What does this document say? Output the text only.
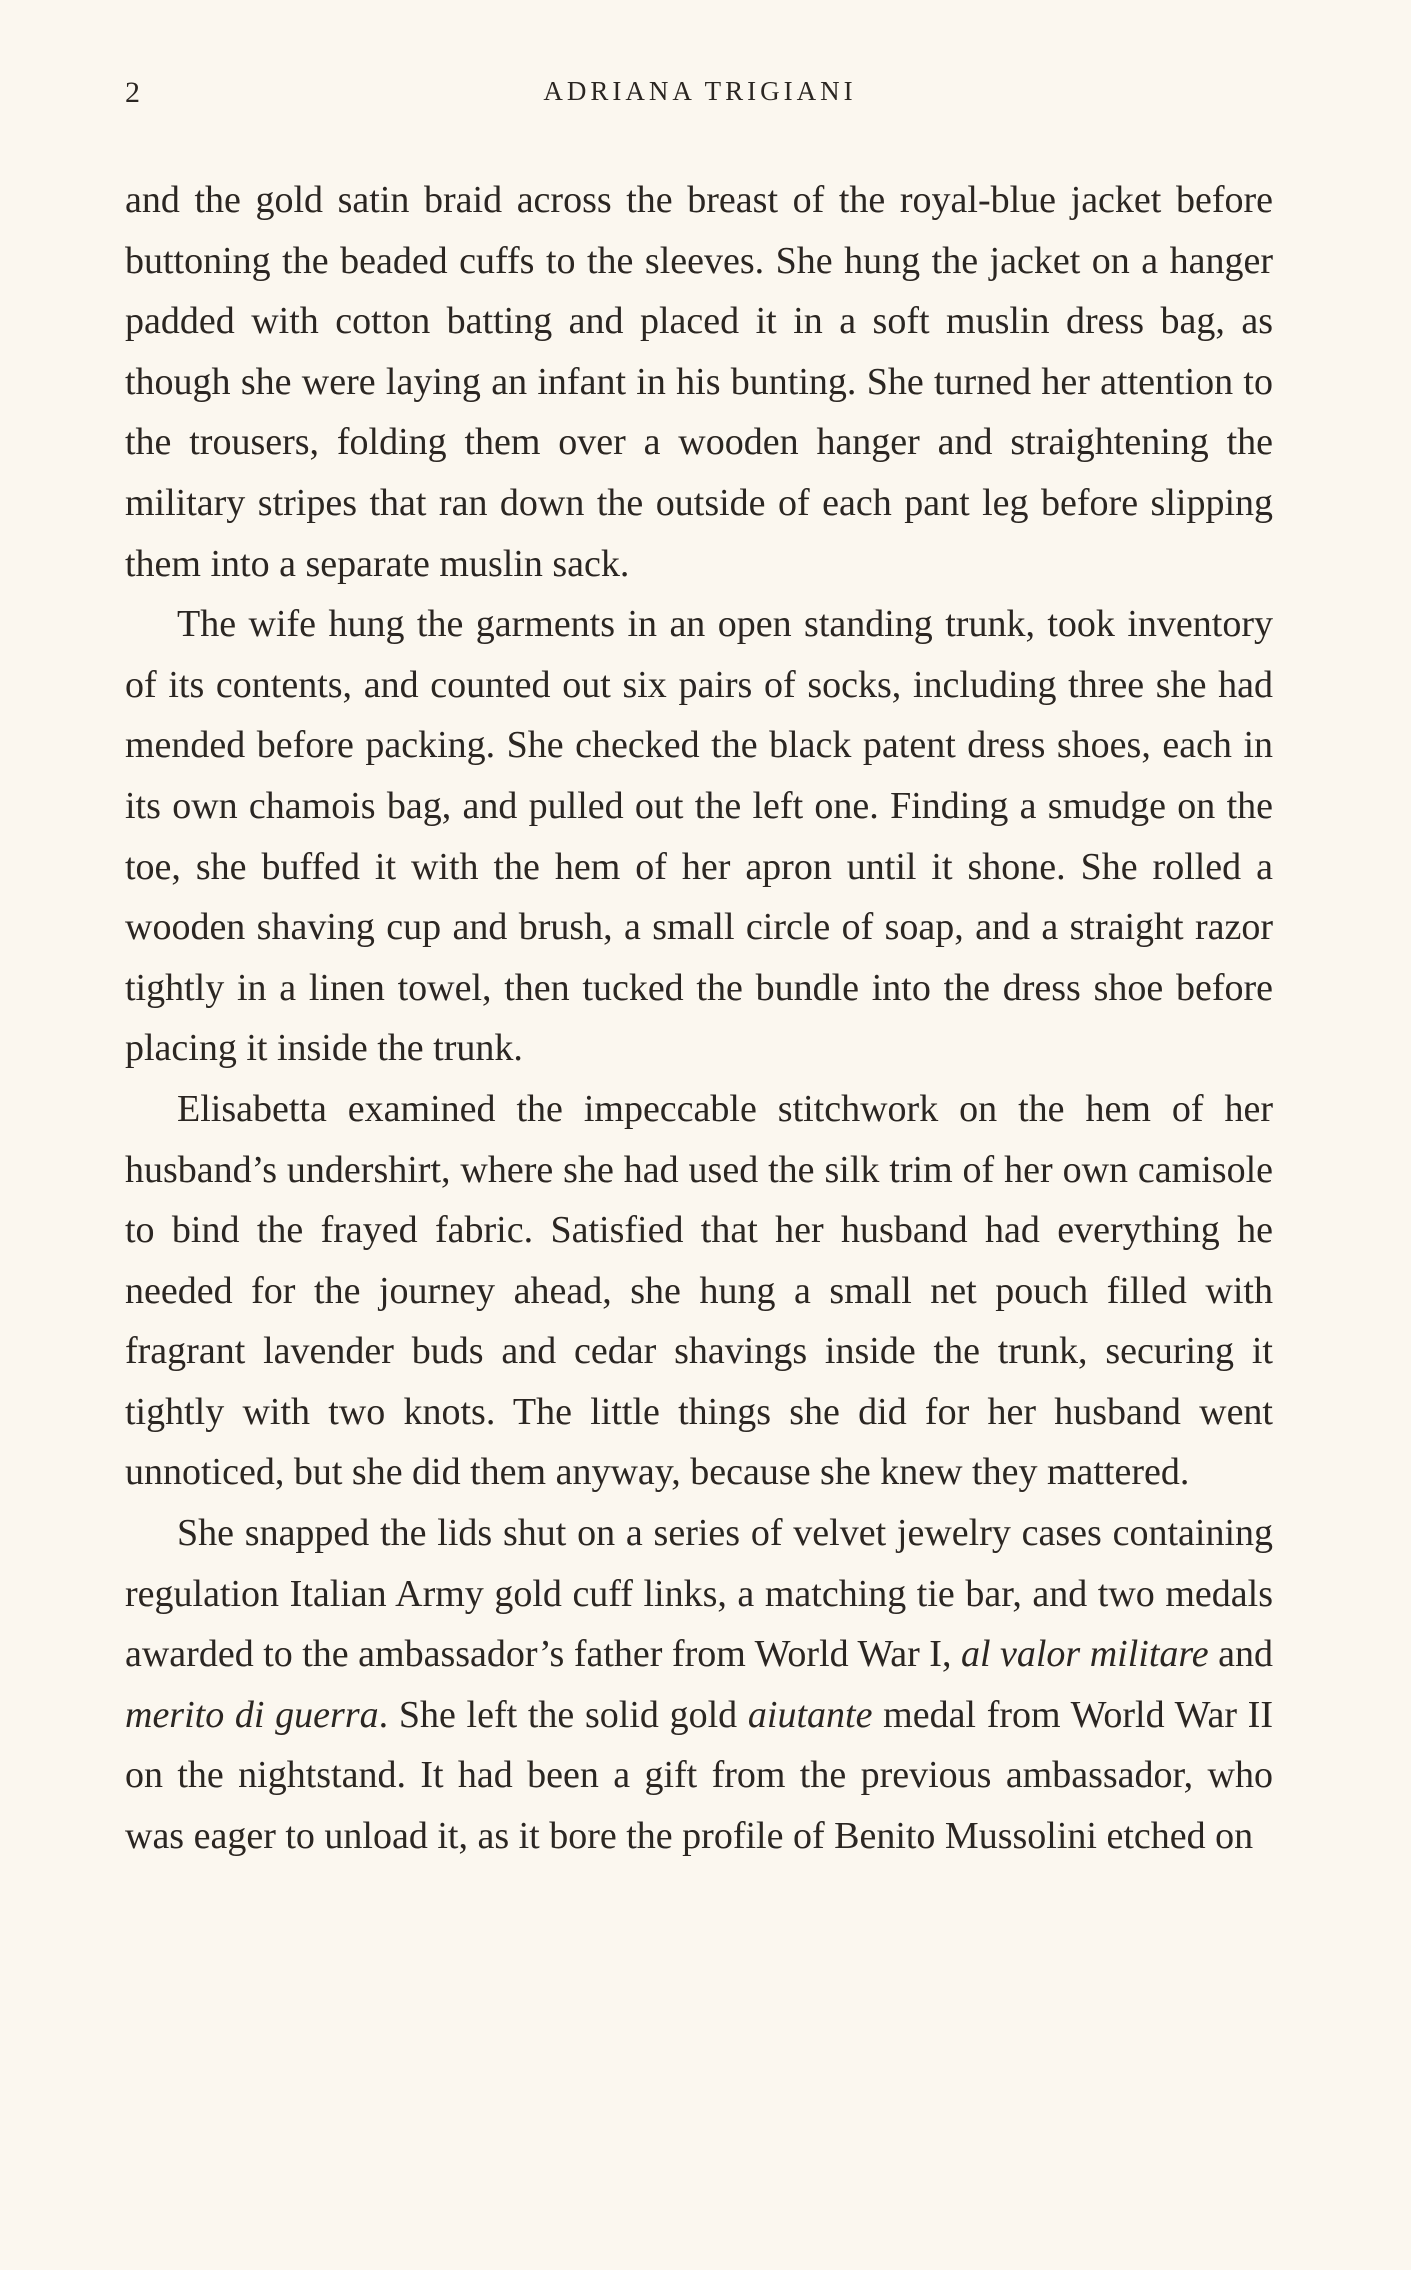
2	ADRIANA TRIGIANI

and the gold satin braid across the breast of the royal-blue jacket before buttoning the beaded cuffs to the sleeves. She hung the jacket on a hanger padded with cotton batting and placed it in a soft muslin dress bag, as though she were laying an infant in his bunting. She turned her attention to the trousers, folding them over a wooden hanger and straightening the military stripes that ran down the outside of each pant leg before slipping them into a separate muslin sack.

The wife hung the garments in an open standing trunk, took inventory of its contents, and counted out six pairs of socks, including three she had mended before packing. She checked the black patent dress shoes, each in its own chamois bag, and pulled out the left one. Finding a smudge on the toe, she buffed it with the hem of her apron until it shone. She rolled a wooden shaving cup and brush, a small circle of soap, and a straight razor tightly in a linen towel, then tucked the bundle into the dress shoe before placing it inside the trunk.

Elisabetta examined the impeccable stitchwork on the hem of her husband’s undershirt, where she had used the silk trim of her own camisole to bind the frayed fabric. Satisfied that her husband had everything he needed for the journey ahead, she hung a small net pouch filled with fragrant lavender buds and cedar shavings inside the trunk, securing it tightly with two knots. The little things she did for her husband went unnoticed, but she did them anyway, because she knew they mattered.

She snapped the lids shut on a series of velvet jewelry cases containing regulation Italian Army gold cuff links, a matching tie bar, and two medals awarded to the ambassador’s father from World War I, al valor militare and merito di guerra. She left the solid gold aiutante medal from World War II on the nightstand. It had been a gift from the previous ambassador, who was eager to unload it, as it bore the profile of Benito Mussolini etched on
